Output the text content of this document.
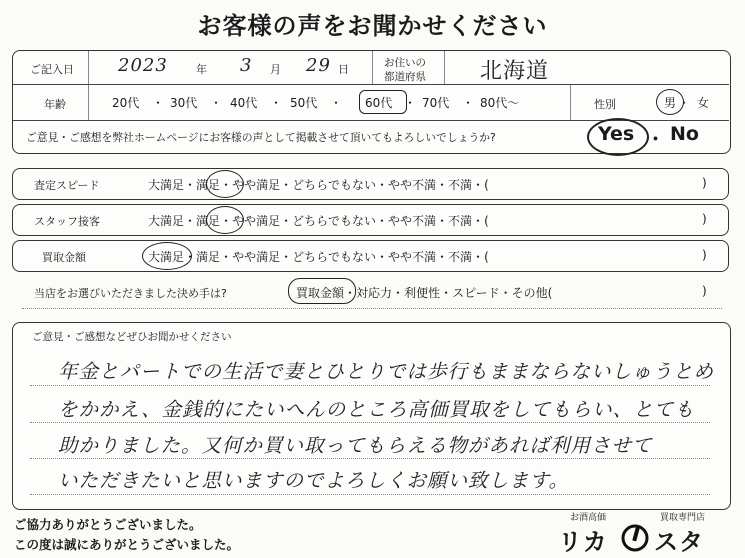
お客様の声をお聞かせください
ご記入日 2023	年 3 月 29 日	お住いの
都道府県 北海道
年齢	20代 ・ 30代 ・ 40代 ・ 50代 ・ 60代 ・ 70代 ・ 80代〜	性別	男 ・ 女
ご意見・ご感想を弊社ホームページにお客様の声として掲載させて頂いてもよろしいでしょうか?	Yes ・ No
査定スピード	大満足・満足・やや満足・どちらでもない・やや不満・不満・(	)
スタッフ接客	大満足・満足・やや満足・どちらでもない・やや不満・不満・(	)
買取金額	大満足・満足・やや満足・どちらでもない・やや不満・不満・(	)
当店をお選びいただきました決め手は?	買取金額・対応力・利便性・スピード・その他(	)
ご意見・ご感想などぜひお聞かせください
年金とパートでの生活で妻とひとりでは歩行もままならないしゅうとめ
をかかえ、金銭的にたいへんのところ高価買取をしてもらい、とても
助かりました。又何か買い取ってもらえる物があれば利用させて
いただきたいと思いますのでよろしくお願い致します。
ご協力ありがとうございました。
この度は誠にありがとうございました。
お酒高価	買取専門店
リカ スタ
